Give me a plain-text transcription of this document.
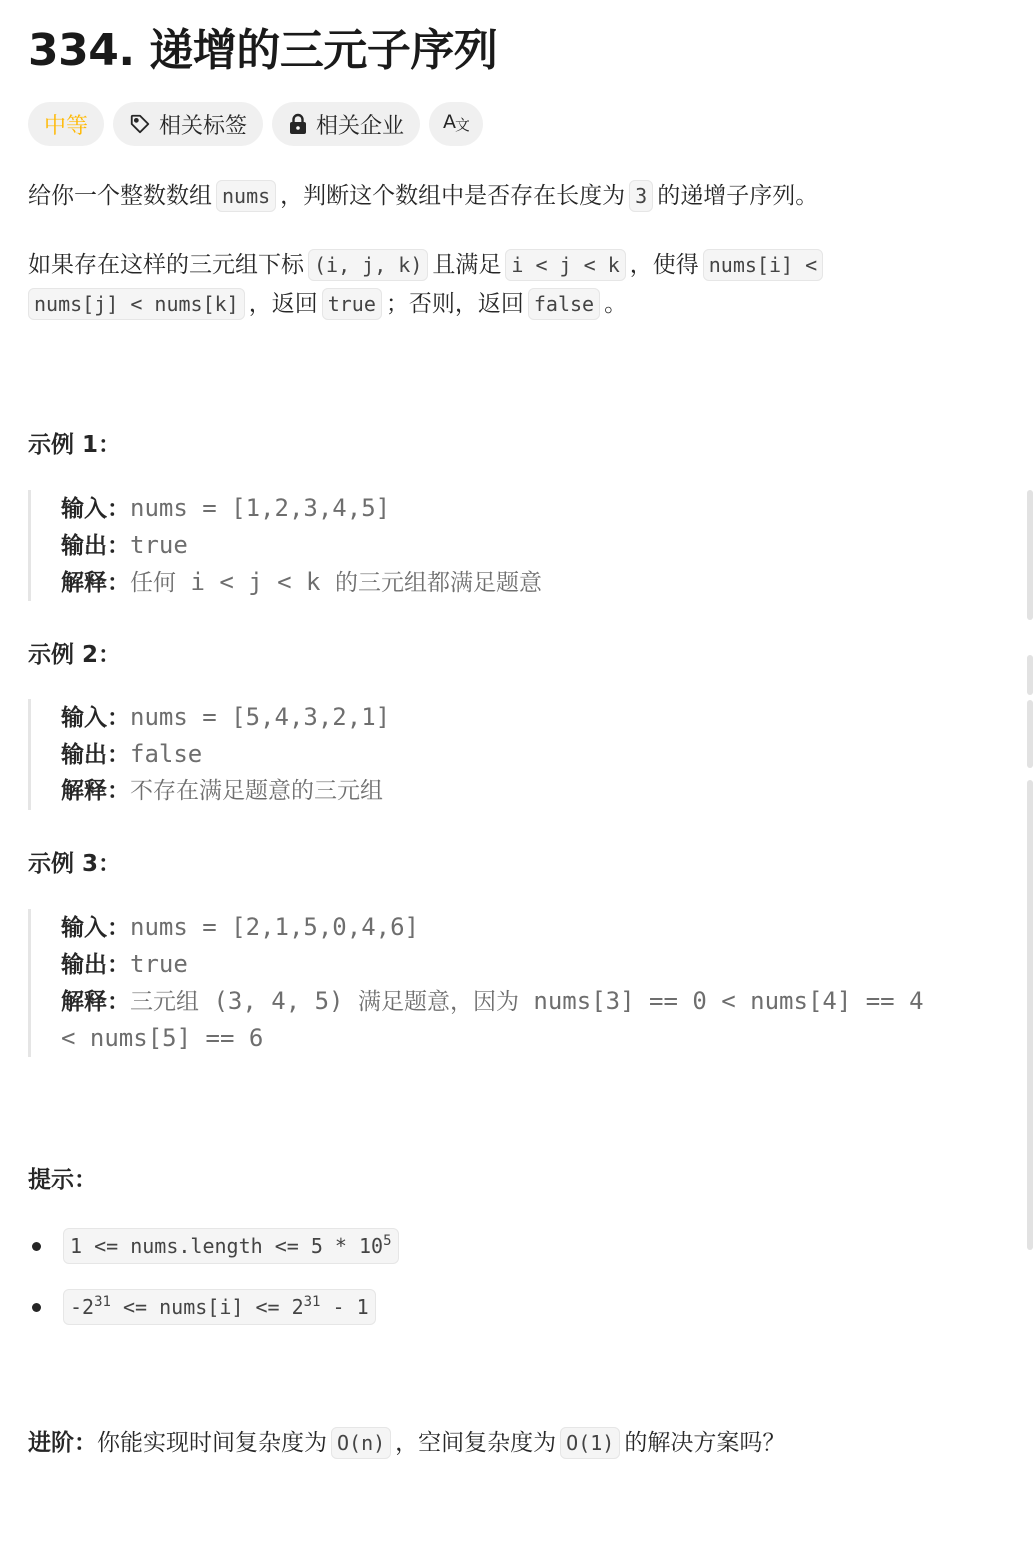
334. 递增的三元子序列
中等	相关标签	相关企业 A 文
给你一个整数数组 nums ，判断这个数组中是否存在长度为 3 的递增子序列。
如果存在这样的三元组下标 (i, j, k) 且满足 i < j < k ，使得 nums[i] <
nums[j] < nums[k] ，返回 true ；否则，返回 false 。
示例 1：
输入：nums = [1,2,3,4,5]
输出：true
解释：任何 i < j < k 的三元组都满足题意
示例 2：
输入：nums = [5,4,3,2,1]
输出：false
解释：不存在满足题意的三元组
示例 3：
输入：nums = [2,1,5,0,4,6]
输出：true
解释：三元组 (3, 4, 5) 满足题意，因为 nums[3] == 0 < nums[4] == 4
< nums[5] == 6
提示：
1 <= nums.length <= $5 * 10^5$
$-2^{31}$ <= nums[i] <= $2^{31} - 1$
进阶：你能实现时间复杂度为 O(n) ，空间复杂度为 O(1) 的解决方案吗？
